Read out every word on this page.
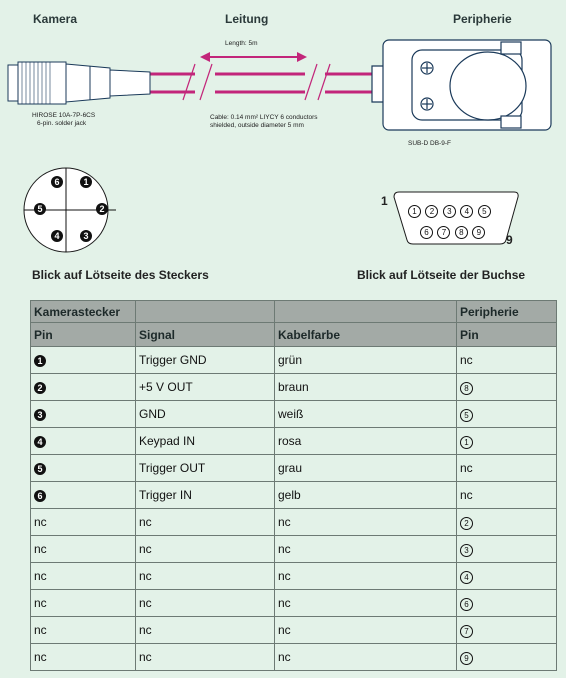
Kamera	Leitung	Peripherie
Length: 5m
HIROSE 10A-7P-6CS
6-pin. solder jack
Cable: 0.14 mm² LIYCY 6 conductors
shielded, outside diameter 5 mm
SUB-D DB-9-F
6	1
5	2
4	3
1
9
1 2 3 4 5
6 7 8 9
Blick auf Lötseite des Steckers	Blick auf Lötseite der Buchse
Kamerastecker			Peripherie
Pin	Signal	Kabelfarbe	Pin
1	Trigger GND	grün	nc
2	+5 V OUT	braun	8
3	GND	weiß	5
4	Keypad IN	rosa	1
5	Trigger OUT	grau	nc
6	Trigger IN	gelb	nc
nc	nc	nc	2
nc	nc	nc	3
nc	nc	nc	4
nc	nc	nc	6
nc	nc	nc	7
nc	nc	nc	9
